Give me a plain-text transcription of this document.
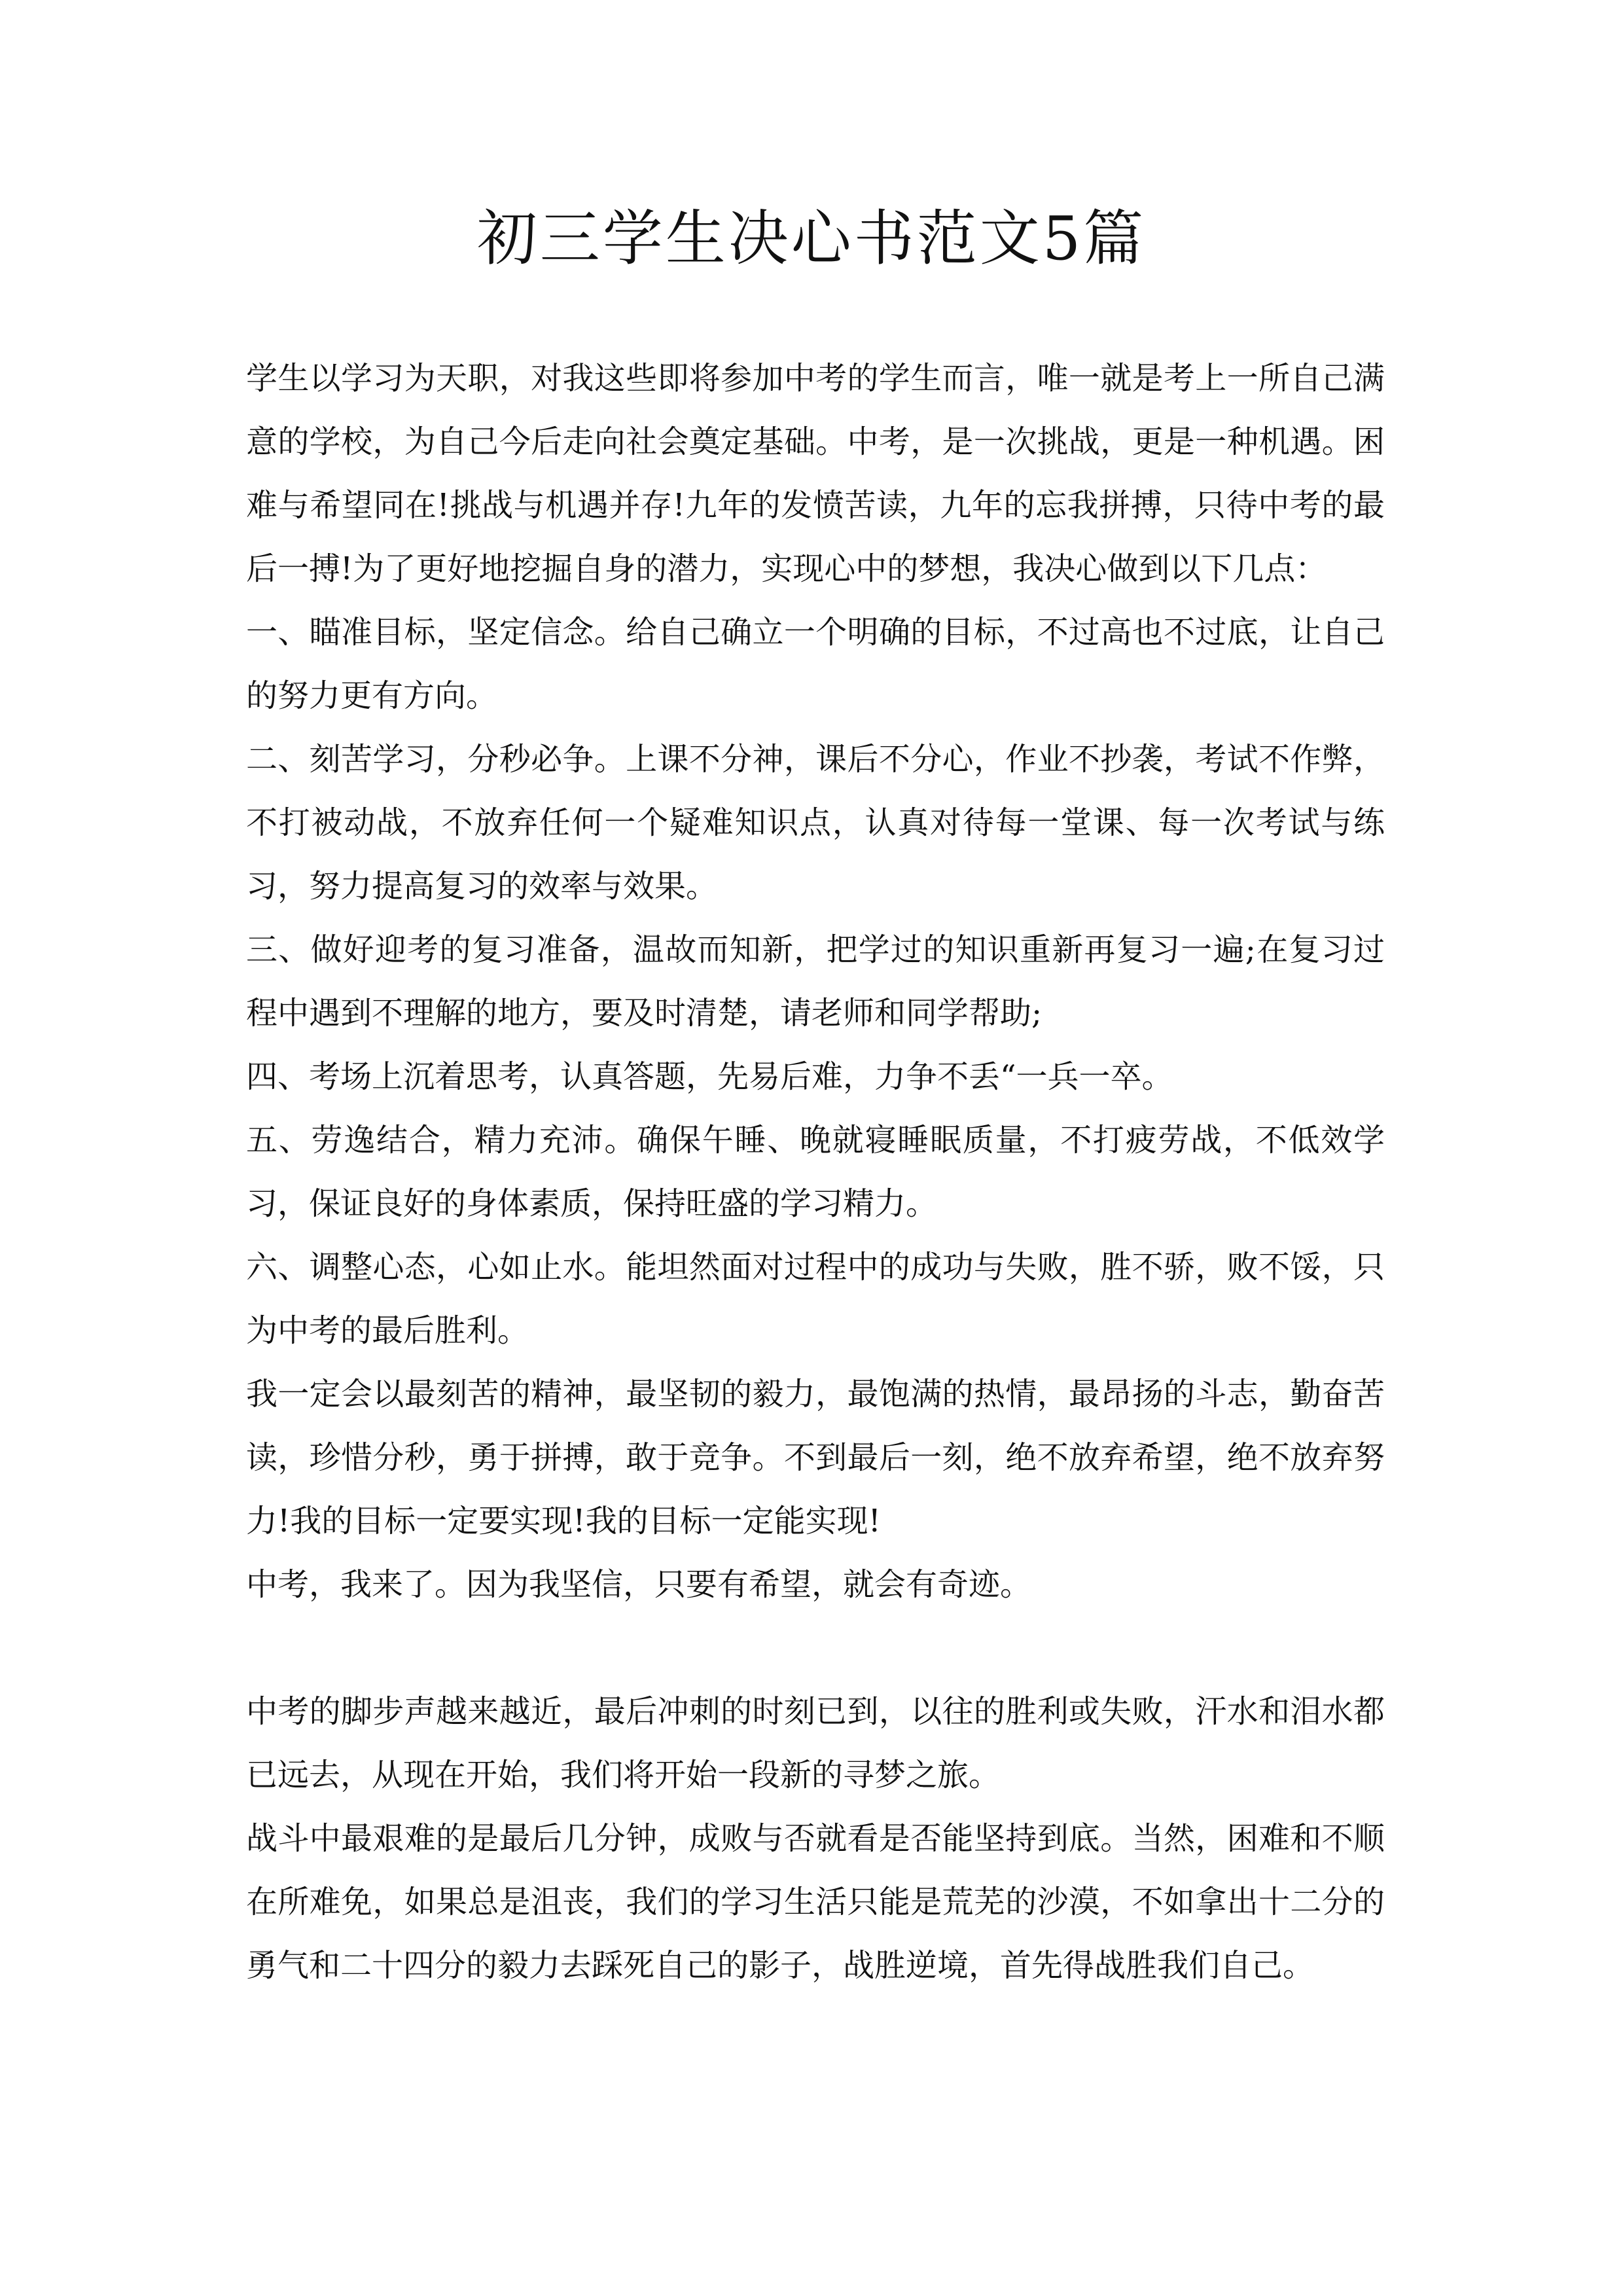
初三学生决心书范文5篇

学生以学习为天职，对我这些即将参加中考的学生而言，唯一就是考上一所自己满意的学校，为自己今后走向社会奠定基础。中考，是一次挑战，更是一种机遇。困难与希望同在!挑战与机遇并存!九年的发愤苦读，九年的忘我拼搏，只待中考的最后一搏!为了更好地挖掘自身的潜力，实现心中的梦想，我决心做到以下几点：

一、瞄准目标，坚定信念。给自己确立一个明确的目标，不过高也不过底，让自己的努力更有方向。

二、刻苦学习，分秒必争。上课不分神，课后不分心，作业不抄袭，考试不作弊，不打被动战，不放弃任何一个疑难知识点，认真对待每一堂课、每一次考试与练习，努力提高复习的效率与效果。

三、做好迎考的复习准备，温故而知新，把学过的知识重新再复习一遍;在复习过程中遇到不理解的地方，要及时清楚，请老师和同学帮助;

四、考场上沉着思考，认真答题，先易后难，力争不丢“一兵一卒。

五、劳逸结合，精力充沛。确保午睡、晚就寝睡眠质量，不打疲劳战，不低效学习，保证良好的身体素质，保持旺盛的学习精力。

六、调整心态，心如止水。能坦然面对过程中的成功与失败，胜不骄，败不馁，只为中考的最后胜利。

我一定会以最刻苦的精神，最坚韧的毅力，最饱满的热情，最昂扬的斗志，勤奋苦读，珍惜分秒，勇于拼搏，敢于竞争。不到最后一刻，绝不放弃希望，绝不放弃努力!我的目标一定要实现!我的目标一定能实现!

中考，我来了。因为我坚信，只要有希望，就会有奇迹。

中考的脚步声越来越近，最后冲刺的时刻已到，以往的胜利或失败，汗水和泪水都已远去，从现在开始，我们将开始一段新的寻梦之旅。

战斗中最艰难的是最后几分钟，成败与否就看是否能坚持到底。当然，困难和不顺在所难免，如果总是沮丧，我们的学习生活只能是荒芜的沙漠，不如拿出十二分的勇气和二十四分的毅力去踩死自己的影子，战胜逆境，首先得战胜我们自己。
